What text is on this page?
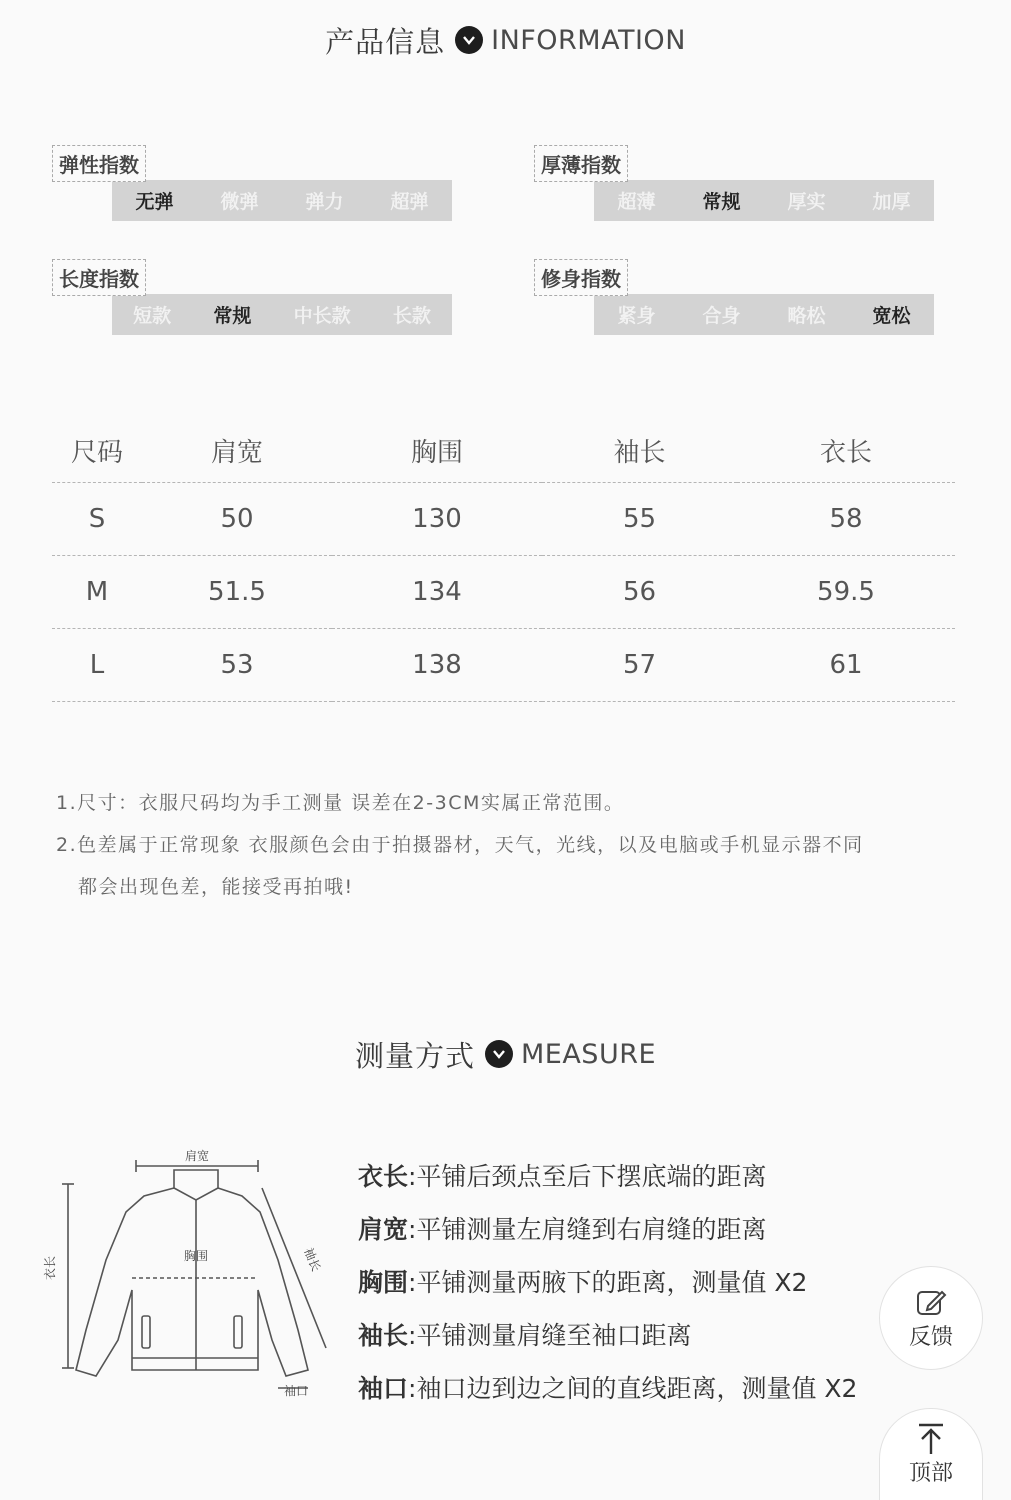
产品信息 INFORMATION
弹性指数
无弹 微弹 弹力 超弹
厚薄指数
超薄 常规 厚实 加厚
长度指数
短款 常规 中长款 长款
修身指数
紧身 合身 略松 宽松
尺码	肩宽	胸围	袖长	衣长
S	50	130	55	58
M	51.5	134	56	59.5
L	53	138	57	61
1.尺寸：衣服尺码均为手工测量 误差在2-3CM实属正常范围。
2.色差属于正常现象 衣服颜色会由于拍摄器材，天气，光线，以及电脑或手机显示器不同
都会出现色差，能接受再拍哦!
测量方式 MEASURE
肩宽
胸围
衣长	袖长
袖口
衣长:平铺后颈点至后下摆底端的距离
肩宽:平铺测量左肩缝到右肩缝的距离
胸围:平铺测量两腋下的距离，测量值 X2
袖长:平铺测量肩缝至袖口距离
袖口:袖口边到边之间的直线距离，测量值 X2
反馈
顶部
